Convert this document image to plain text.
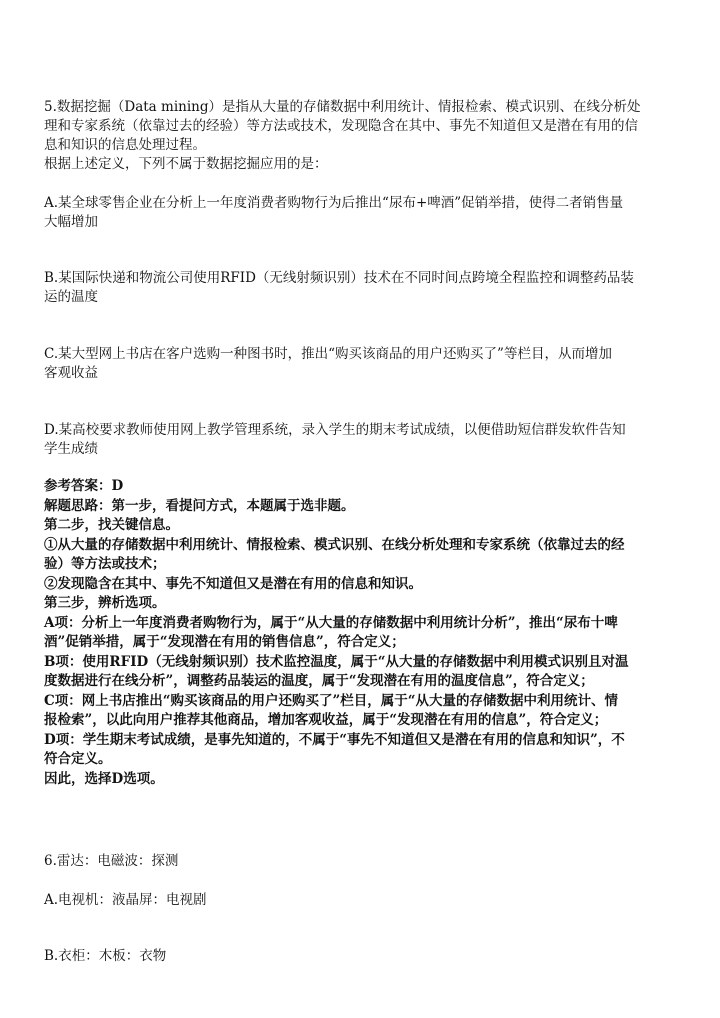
5.数据挖掘（Data mining）是指从大量的存储数据中利用统计、情报检索、模式识别、在线分析处
理和专家系统（依靠过去的经验）等方法或技术，发现隐含在其中、事先不知道但又是潜在有用的信
息和知识的信息处理过程。
根据上述定义，下列不属于数据挖掘应用的是：
A.某全球零售企业在分析上一年度消费者购物行为后推出“尿布+啤酒”促销举措，使得二者销售量
大幅增加
B.某国际快递和物流公司使用RFID（无线射频识别）技术在不同时间点跨境全程监控和调整药品装
运的温度
C.某大型网上书店在客户选购一种图书时，推出“购买该商品的用户还购买了”等栏目，从而增加
客观收益
D.某高校要求教师使用网上教学管理系统，录入学生的期末考试成绩，以便借助短信群发软件告知
学生成绩
参考答案：D
解题思路：第一步，看提问方式，本题属于选非题。
第二步，找关键信息。
①从大量的存储数据中利用统计、情报检索、模式识别、在线分析处理和专家系统（依靠过去的经
验）等方法或技术；
②发现隐含在其中、事先不知道但又是潜在有用的信息和知识。
第三步，辨析选项。
A项：分析上一年度消费者购物行为，属于“从大量的存储数据中利用统计分析”，推出“尿布十啤
酒”促销举措，属于“发现潜在有用的销售信息”，符合定义；
B项：使用RFID（无线射频识别）技术监控温度，属于“从大量的存储数据中利用模式识别且对温
度数据进行在线分析”，调整药品装运的温度，属于“发现潜在有用的温度信息”，符合定义；
C项：网上书店推出“购买该商品的用户还购买了”栏目，属于“从大量的存储数据中利用统计、情
报检索”，以此向用户推荐其他商品，增加客观收益，属于“发现潜在有用的信息”，符合定义；
D项：学生期末考试成绩，是事先知道的，不属于“事先不知道但又是潜在有用的信息和知识”，不
符合定义。
因此，选择D选项。
6.雷达：电磁波：探测
A.电视机：液晶屏：电视剧
B.衣柜：木板：衣物
